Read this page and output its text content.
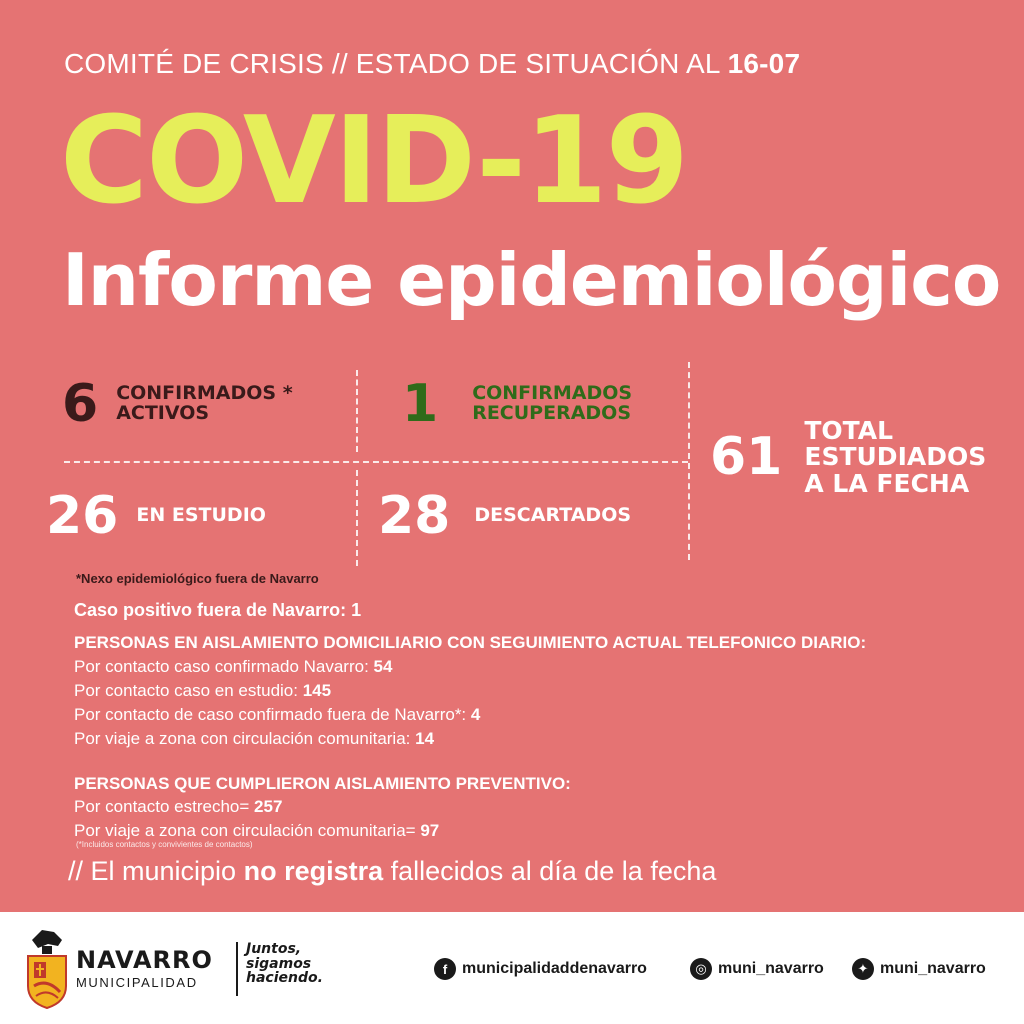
COMITÉ DE CRISIS // ESTADO DE SITUACIÓN AL 16-07
COVID-19
Informe epidemiológico
6 CONFIRMADOS *
ACTIVOS	1 CONFIRMADOS
RECUPERADOS
26 EN ESTUDIO 28 DESCARTADOS
61 TOTAL
ESTUDIADOS
A LA FECHA
*Nexo epidemiológico fuera de Navarro
Caso positivo fuera de Navarro: 1
PERSONAS EN AISLAMIENTO DOMICILIARIO CON SEGUIMIENTO ACTUAL TELEFONICO DIARIO:
Por contacto caso confirmado Navarro: 54
Por contacto caso en estudio: 145
Por contacto de caso confirmado fuera de Navarro*: 4
Por viaje a zona con circulación comunitaria: 14
PERSONAS QUE CUMPLIERON AISLAMIENTO PREVENTIVO:
Por contacto estrecho= 257
Por viaje a zona con circulación comunitaria= 97
(*Incluidos contactos y convivientes de contactos)
// El municipio no registra fallecidos al día de la fecha
NAVARRO
MUNICIPALIDAD
Juntos,
sigamos
haciendo.
f municipalidaddenavarro	◎ muni_navarro	✦ muni_navarro
